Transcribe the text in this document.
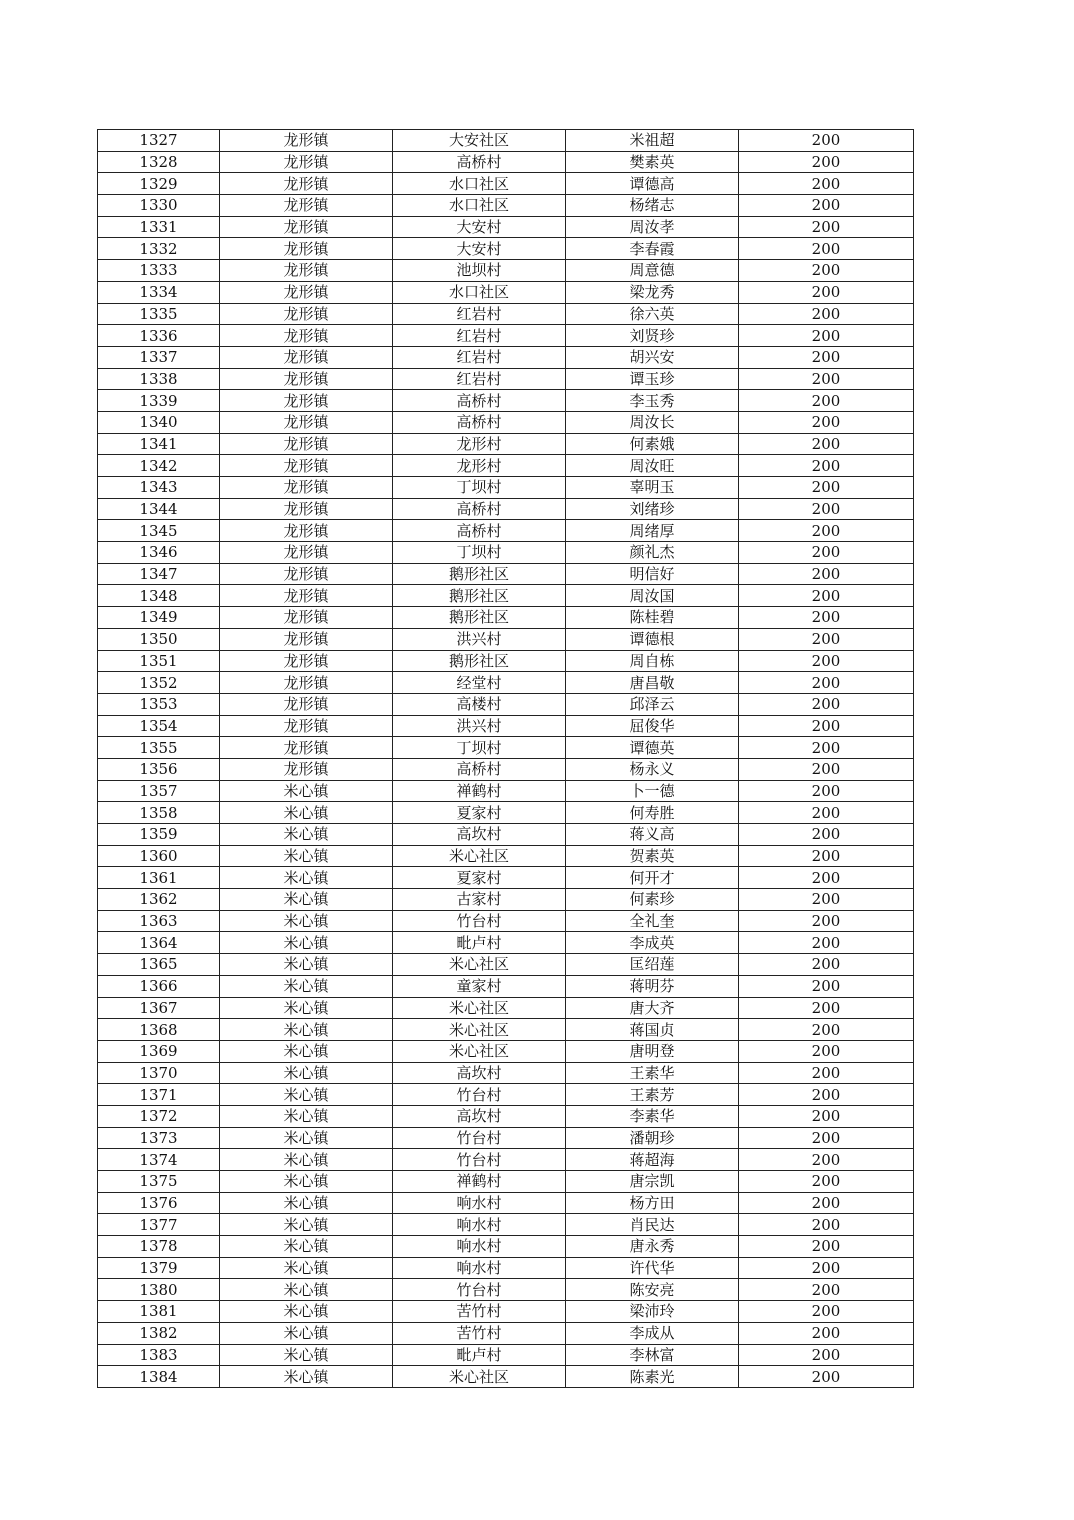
1327	龙形镇	大安社区	米祖超	200
1328	龙形镇	高桥村	樊素英	200
1329	龙形镇	水口社区	谭德高	200
1330	龙形镇	水口社区	杨绪志	200
1331	龙形镇	大安村	周汝孝	200
1332	龙形镇	大安村	李春霞	200
1333	龙形镇	池坝村	周意德	200
1334	龙形镇	水口社区	梁龙秀	200
1335	龙形镇	红岩村	徐六英	200
1336	龙形镇	红岩村	刘贤珍	200
1337	龙形镇	红岩村	胡兴安	200
1338	龙形镇	红岩村	谭玉珍	200
1339	龙形镇	高桥村	李玉秀	200
1340	龙形镇	高桥村	周汝长	200
1341	龙形镇	龙形村	何素娥	200
1342	龙形镇	龙形村	周汝旺	200
1343	龙形镇	丁坝村	辜明玉	200
1344	龙形镇	高桥村	刘绪珍	200
1345	龙形镇	高桥村	周绪厚	200
1346	龙形镇	丁坝村	颜礼杰	200
1347	龙形镇	鹅形社区	明信好	200
1348	龙形镇	鹅形社区	周汝国	200
1349	龙形镇	鹅形社区	陈桂碧	200
1350	龙形镇	洪兴村	谭德根	200
1351	龙形镇	鹅形社区	周自栋	200
1352	龙形镇	经堂村	唐昌敬	200
1353	龙形镇	高楼村	邱泽云	200
1354	龙形镇	洪兴村	屈俊华	200
1355	龙形镇	丁坝村	谭德英	200
1356	龙形镇	高桥村	杨永义	200
1357	米心镇	禅鹤村	卜一德	200
1358	米心镇	夏家村	何寿胜	200
1359	米心镇	高坎村	蒋义高	200
1360	米心镇	米心社区	贺素英	200
1361	米心镇	夏家村	何开才	200
1362	米心镇	古家村	何素珍	200
1363	米心镇	竹台村	全礼奎	200
1364	米心镇	毗卢村	李成英	200
1365	米心镇	米心社区	匡绍莲	200
1366	米心镇	童家村	蒋明芬	200
1367	米心镇	米心社区	唐大齐	200
1368	米心镇	米心社区	蒋国贞	200
1369	米心镇	米心社区	唐明登	200
1370	米心镇	高坎村	王素华	200
1371	米心镇	竹台村	王素芳	200
1372	米心镇	高坎村	李素华	200
1373	米心镇	竹台村	潘朝珍	200
1374	米心镇	竹台村	蒋超海	200
1375	米心镇	禅鹤村	唐宗凯	200
1376	米心镇	响水村	杨方田	200
1377	米心镇	响水村	肖民达	200
1378	米心镇	响水村	唐永秀	200
1379	米心镇	响水村	许代华	200
1380	米心镇	竹台村	陈安亮	200
1381	米心镇	苦竹村	梁沛玲	200
1382	米心镇	苦竹村	李成从	200
1383	米心镇	毗卢村	李林富	200
1384	米心镇	米心社区	陈素光	200
